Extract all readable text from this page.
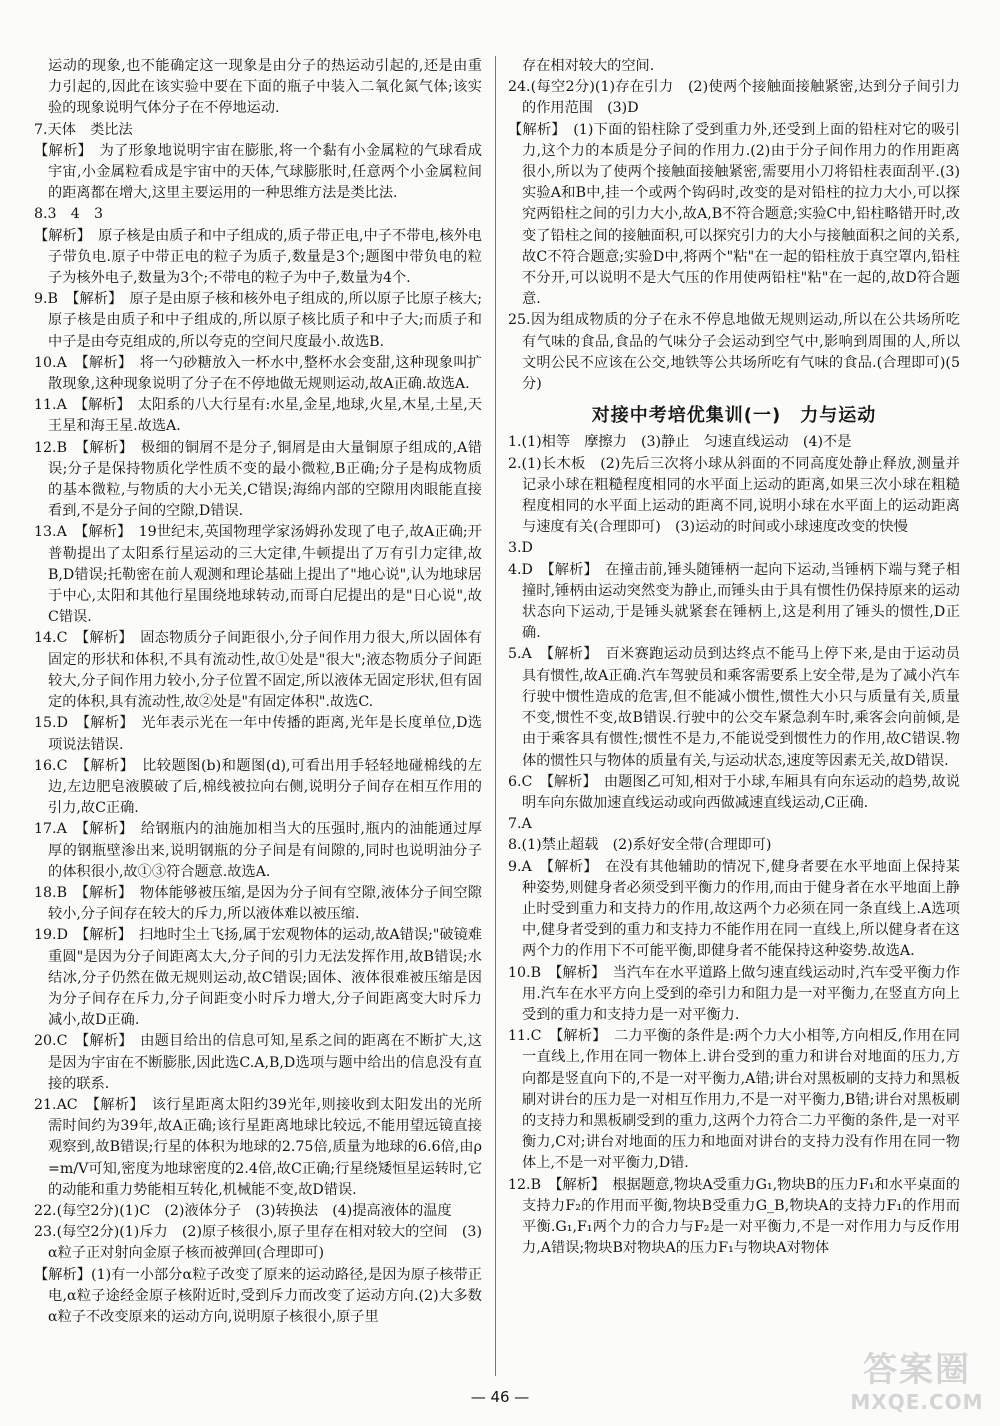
运动的现象,也不能确定这一现象是由分子的热运动引起的,还是由重力引起的,因此在该实验中要在下面的瓶子中装入二氧化氮气体;该实验的现象说明气体分子在不停地运动.

7.天体　类比法

【解析】　为了形象地说明宇宙在膨胀,将一个黏有小金属粒的气球看成宇宙,小金属粒看成是宇宙中的天体,气球膨胀时,任意两个小金属粒间的距离都在增大,这里主要运用的一种思维方法是类比法.

8.3　4　3

【解析】　原子核是由质子和中子组成的,质子带正电,中子不带电,核外电子带负电.原子中带正电的粒子为质子,数量是3个;题图中带负电的粒子为核外电子,数量为3个;不带电的粒子为中子,数量为4个.

9.B　【解析】　原子是由原子核和核外电子组成的,所以原子比原子核大;原子核是由质子和中子组成的,所以原子核比质子和中子大;而质子和中子是由夸克组成的,所以夸克的空间尺度最小.故选B.

10.A　【解析】　将一勺砂糖放入一杯水中,整杯水会变甜,这种现象叫扩散现象,这种现象说明了分子在不停地做无规则运动,故A正确.故选A.

11.A　【解析】　太阳系的八大行星有:水星,金星,地球,火星,木星,土星,天王星和海王星.故选A.

12.B　【解析】　极细的铜屑不是分子,铜屑是由大量铜原子组成的,A错误;分子是保持物质化学性质不变的最小微粒,B正确;分子是构成物质的基本微粒,与物质的大小无关,C错误;海绵内部的空隙用肉眼能直接看到,不是分子间的空隙,D错误.

13.A　【解析】　19世纪末,英国物理学家汤姆孙发现了电子,故A正确;开普勒提出了太阳系行星运动的三大定律,牛顿提出了万有引力定律,故B,D错误;托勒密在前人观测和理论基础上提出了"地心说",认为地球居于中心,太阳和其他行星围绕地球转动,而哥白尼提出的是"日心说",故C错误.

14.C　【解析】　固态物质分子间距很小,分子间作用力很大,所以固体有固定的形状和体积,不具有流动性,故①处是"很大";液态物质分子间距较大,分子间作用力较小,分子位置不固定,所以液体无固定形状,但有固定的体积,具有流动性,故②处是"有固定体积".故选C.

15.D　【解析】　光年表示光在一年中传播的距离,光年是长度单位,D选项说法错误.

16.C　【解析】　比较题图(b)和题图(d),可看出用手轻轻地碰棉线的左边,左边肥皂液膜破了后,棉线被拉向右侧,说明分子间存在相互作用的引力,故C正确.

17.A　【解析】　给钢瓶内的油施加相当大的压强时,瓶内的油能通过厚厚的钢瓶壁渗出来,说明钢瓶的分子间是有间隙的,同时也说明油分子的体积很小,故①③符合题意.故选A.

18.B　【解析】　物体能够被压缩,是因为分子间有空隙,液体分子间空隙较小,分子间存在较大的斥力,所以液体难以被压缩.

19.D　【解析】　扫地时尘土飞扬,属于宏观物体的运动,故A错误;"破镜难重圆"是因为分子间距离太大,分子间的引力无法发挥作用,故B错误;水结冰,分子仍然在做无规则运动,故C错误;固体、液体很难被压缩是因为分子间存在斥力,分子间距变小时斥力增大,分子间距离变大时斥力减小,故D正确.

20.C　【解析】　由题目给出的信息可知,星系之间的距离在不断扩大,这是因为宇宙在不断膨胀,因此选C.A,B,D选项与题中给出的信息没有直接的联系.

21.AC　【解析】　该行星距离太阳约39光年,则接收到太阳发出的光所需时间约为39年,故A正确;该行星距离地球比较远,不能用望远镜直接观察到,故B错误;行星的体积为地球的2.75倍,质量为地球的6.6倍,由ρ=m/V可知,密度为地球密度的2.4倍,故C正确;行星绕矮恒星运转时,它的动能和重力势能相互转化,机械能不变,故D错误.

22.(每空2分)(1)C　(2)液体分子　(3)转换法　(4)提高液体的温度

23.(每空2分)(1)斥力　(2)原子核很小,原子里存在相对较大的空间　(3)α粒子正对射向金原子核而被弹回(合理即可)

【解析】(1)有一小部分α粒子改变了原来的运动路径,是因为原子核带正电,α粒子途经金原子核附近时,受到斥力而改变了运动方向.(2)大多数α粒子不改变原来的运动方向,说明原子核很小,原子里

存在相对较大的空间.

24.(每空2分)(1)存在引力　(2)使两个接触面接触紧密,达到分子间引力的作用范围　(3)D

【解析】　(1)下面的铅柱除了受到重力外,还受到上面的铅柱对它的吸引力,这个力的本质是分子间的作用力.(2)由于分子间作用力的作用距离很小,所以为了使两个接触面接触紧密,需要用小刀将铅柱表面刮平.(3)实验A和B中,挂一个或两个钩码时,改变的是对铅柱的拉力大小,可以探究两铅柱之间的引力大小,故A,B不符合题意;实验C中,铅柱略错开时,改变了铅柱之间的接触面积,可以探究引力的大小与接触面积之间的关系,故C不符合题意;实验D中,将两个"粘"在一起的铅柱放于真空罩内,铅柱不分开,可以说明不是大气压的作用使两铅柱"粘"在一起的,故D符合题意.

25.因为组成物质的分子在永不停息地做无规则运动,所以在公共场所吃有气味的食品,食品的气味分子会运动到空气中,影响到周围的人,所以文明公民不应该在公交,地铁等公共场所吃有气味的食品.(合理即可)(5分)

对接中考培优集训(一)　力与运动

1.(1)相等　摩擦力　(3)静止　匀速直线运动　(4)不是

2.(1)长木板　(2)先后三次将小球从斜面的不同高度处静止释放,测量并记录小球在粗糙程度相同的水平面上运动的距离,如果三次小球在粗糙程度相同的水平面上运动的距离不同,说明小球在水平面上的运动距离与速度有关(合理即可)　(3)运动的时间或小球速度改变的快慢

3.D

4.D　【解析】　在撞击前,锤头随锤柄一起向下运动,当锤柄下端与凳子相撞时,锤柄由运动突然变为静止,而锤头由于具有惯性仍保持原来的运动状态向下运动,于是锤头就紧套在锤柄上,这是利用了锤头的惯性,D正确.

5.A　【解析】　百米赛跑运动员到达终点不能马上停下来,是由于运动员具有惯性,故A正确.汽车驾驶员和乘客需要系上安全带,是为了减小汽车行驶中惯性造成的危害,但不能减小惯性,惯性大小只与质量有关,质量不变,惯性不变,故B错误.行驶中的公交车紧急刹车时,乘客会向前倾,是由于乘客具有惯性;惯性不是力,不能说受到惯性力的作用,故C错误.物体的惯性只与物体的质量有关,与运动状态,速度等因素无关,故D错误.

6.C　【解析】　由题图乙可知,相对于小球,车厢具有向东运动的趋势,故说明车向东做加速直线运动或向西做减速直线运动,C正确.

7.A

8.(1)禁止超载　(2)系好安全带(合理即可)

9.A　【解析】　在没有其他辅助的情况下,健身者要在水平地面上保持某种姿势,则健身者必须受到平衡力的作用,而由于健身者在水平地面上静止时受到重力和支持力的作用,故这两个力必须在同一条直线上.A选项中,健身者受到的重力和支持力不能作用在同一直线上,所以健身者在这两个力的作用下不可能平衡,即健身者不能保持这种姿势.故选A.

10.B　【解析】　当汽车在水平道路上做匀速直线运动时,汽车受平衡力作用.汽车在水平方向上受到的牵引力和阻力是一对平衡力,在竖直方向上受到的重力和支持力是一对平衡力.

11.C　【解析】　二力平衡的条件是:两个力大小相等,方向相反,作用在同一直线上,作用在同一物体上.讲台受到的重力和讲台对地面的压力,方向都是竖直向下的,不是一对平衡力,A错;讲台对黑板刷的支持力和黑板刷对讲台的压力是一对相互作用力,不是一对平衡力,B错;讲台对黑板刷的支持力和黑板刷受到的重力,这两个力符合二力平衡的条件,是一对平衡力,C对;讲台对地面的压力和地面对讲台的支持力没有作用在同一物体上,不是一对平衡力,D错.

12.B　【解析】　根据题意,物块A受重力G₁,物块B的压力F₁和水平桌面的支持力F₂的作用而平衡,物块B受重力G_B,物块A的支持力F₁的作用而平衡.G₁,F₁两个力的合力与F₂是一对平衡力,不是一对作用力与反作用力,A错误;物块B对物块A的压力F₁与物块A对物体

— 46 —
答案圈
MXQE.COM
